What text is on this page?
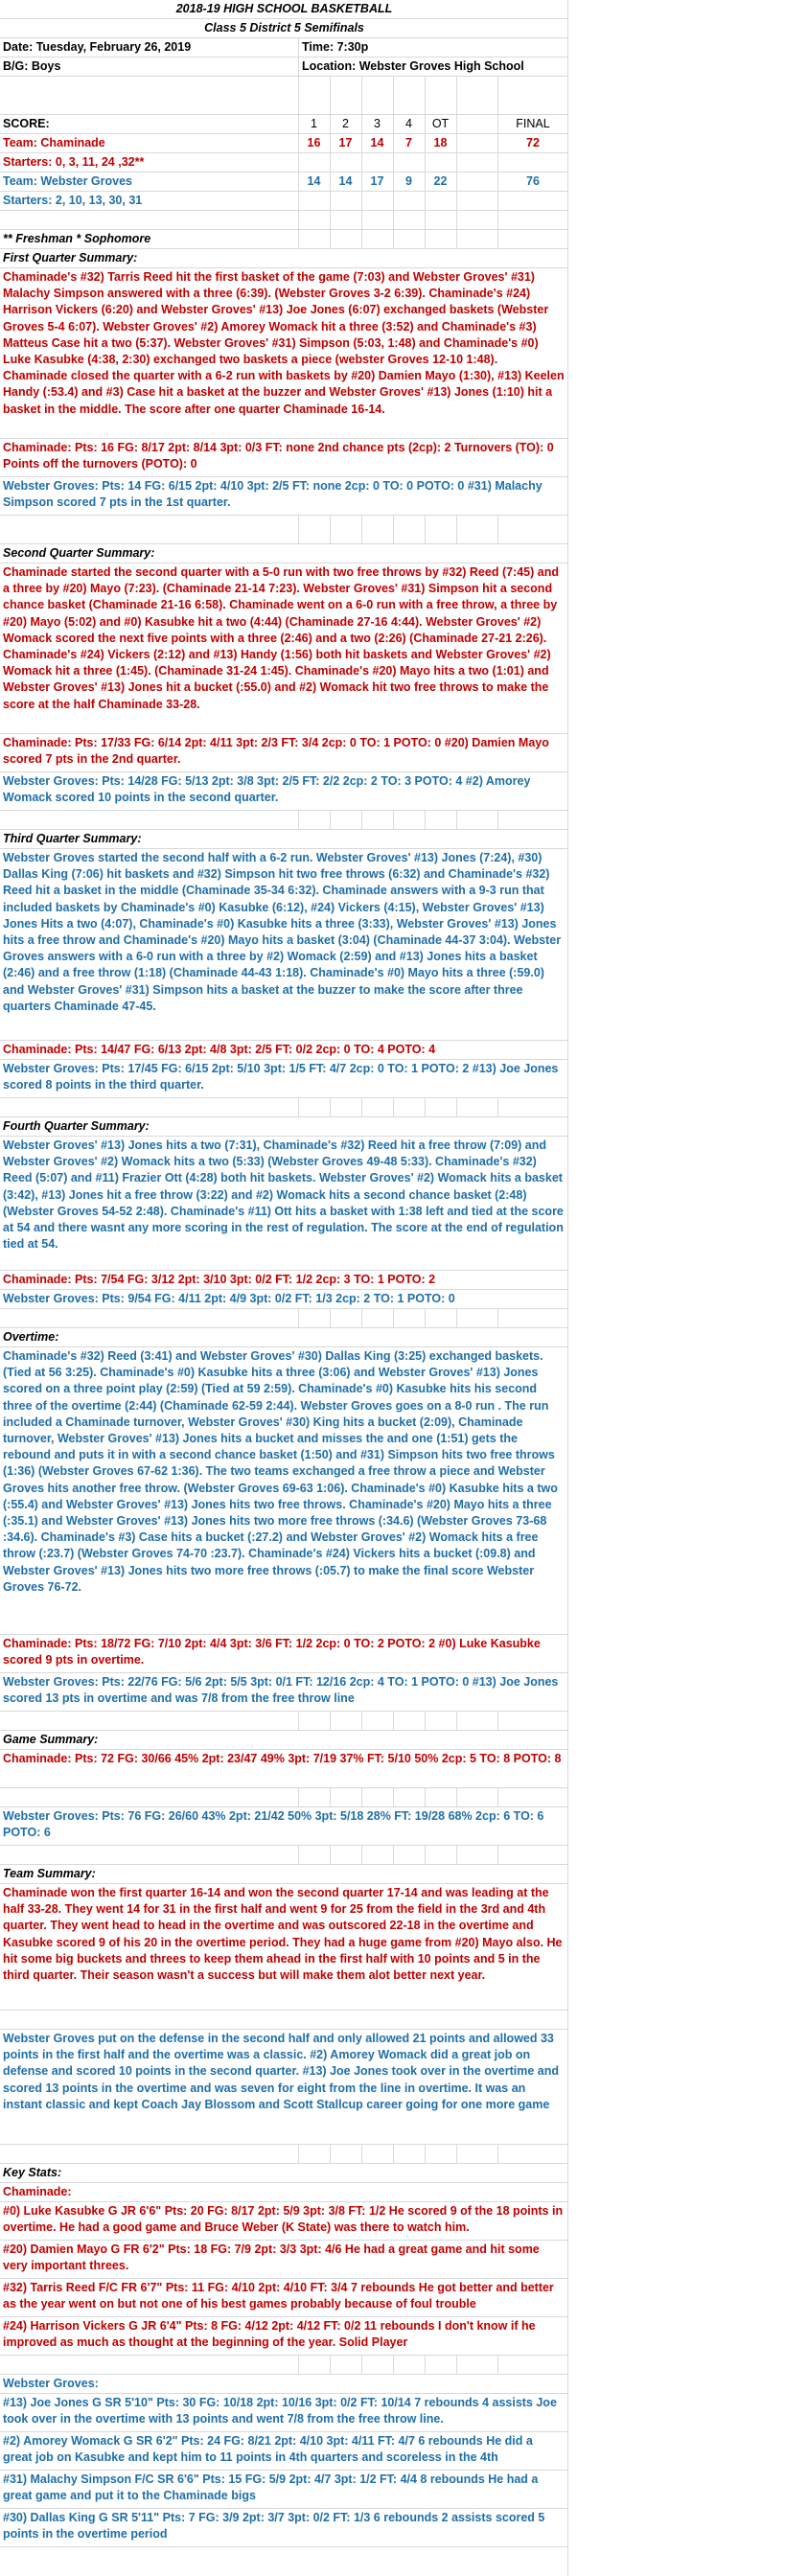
2018-19 HIGH SCHOOL BASKETBALL
Class 5 District 5 Semifinals
Date: Tuesday, February 26, 2019	Time: 7:30p
B/G: Boys	Location: Webster Groves High School
SCORE:	1	2	3	4	OT	FINAL
Team: Chaminade	16	17	14	7	18	72
Starters: 0, 3, 11, 24 ,32**
Team: Webster Groves	14	14	17	9	22	76
Starters: 2, 10, 13, 30, 31
** Freshman * Sophomore
First Quarter Summary:
Chaminade's #32) Tarris Reed hit the first basket of the game (7:03) and Webster Groves' #31) Malachy Simpson answered with a three (6:39). (Webster Groves 3-2 6:39). Chaminade's #24) Harrison Vickers (6:20) and Webster Groves' #13) Joe Jones (6:07) exchanged baskets (Webster Groves 5-4 6:07). Webster Groves' #2) Amorey Womack hit a three (3:52) and Chaminade's #3) Matteus Case hit a two (5:37). Webster Groves' #31) Simpson (5:03, 1:48) and Chaminade's #0) Luke Kasubke (4:38, 2:30) exchanged two baskets a piece (webster Groves 12-10 1:48). Chaminade closed the quarter with a 6-2 run with baskets by #20) Damien Mayo (1:30), #13) Keelen Handy (:53.4) and #3) Case hit a basket at the buzzer and Webster Groves' #13) Jones (1:10) hit a basket in the middle. The score after one quarter Chaminade 16-14.
Chaminade: Pts: 16 FG: 8/17 2pt: 8/14 3pt: 0/3 FT: none 2nd chance pts (2cp): 2 Turnovers (TO): 0 Points off the turnovers (POTO): 0
Webster Groves: Pts: 14 FG: 6/15 2pt: 4/10 3pt: 2/5 FT: none 2cp: 0 TO: 0 POTO: 0 #31) Malachy Simpson scored 7 pts in the 1st quarter.
Second Quarter Summary:
Chaminade started the second quarter with a 5-0 run with two free throws by #32) Reed (7:45) and a three by #20) Mayo (7:23). (Chaminade 21-14 7:23). Webster Groves' #31) Simpson hit a second chance basket (Chaminade 21-16 6:58). Chaminade went on a 6-0 run with a free throw, a three by #20) Mayo (5:02) and #0) Kasubke hit a two (4:44) (Chaminade 27-16 4:44). Webster Groves' #2) Womack scored the next five points with a three (2:46) and a two (2:26) (Chaminade 27-21 2:26). Chaminade's #24) Vickers (2:12) and #13) Handy (1:56) both hit baskets and Webster Groves' #2) Womack hit a three (1:45). (Chaminade 31-24 1:45). Chaminade's #20) Mayo hits a two (1:01) and Webster Groves' #13) Jones hit a bucket (:55.0) and #2) Womack hit two free throws to make the score at the half Chaminade 33-28.
Chaminade: Pts: 17/33 FG: 6/14 2pt: 4/11 3pt: 2/3 FT: 3/4 2cp: 0 TO: 1 POTO: 0 #20) Damien Mayo scored 7 pts in the 2nd quarter.
Webster Groves: Pts: 14/28 FG: 5/13 2pt: 3/8 3pt: 2/5 FT: 2/2 2cp: 2 TO: 3 POTO: 4 #2) Amorey Womack scored 10 points in the second quarter.
Third Quarter Summary:
Webster Groves started the second half with a 6-2 run. Webster Groves' #13) Jones (7:24), #30) Dallas King (7:06) hit baskets and #32) Simpson hit two free throws (6:32) and Chaminade's #32) Reed hit a basket in the middle (Chaminade 35-34 6:32). Chaminade answers with a 9-3 run that included baskets by Chaminade's #0) Kasubke (6:12), #24) Vickers (4:15), Webster Groves' #13) Jones Hits a two (4:07), Chaminade's #0) Kasubke hits a three (3:33), Webster Groves' #13) Jones hits a free throw and Chaminade's #20) Mayo hits a basket (3:04) (Chaminade 44-37 3:04). Webster Groves answers with a 6-0 run with a three by #2) Womack (2:59) and #13) Jones hits a basket (2:46) and a free throw (1:18) (Chaminade 44-43 1:18). Chaminade's #0) Mayo hits a three (:59.0) and Webster Groves' #31) Simpson hits a basket at the buzzer to make the score after three quarters Chaminade 47-45.
Chaminade: Pts: 14/47 FG: 6/13 2pt: 4/8 3pt: 2/5 FT: 0/2 2cp: 0 TO: 4 POTO: 4
Webster Groves: Pts: 17/45 FG: 6/15 2pt: 5/10 3pt: 1/5 FT: 4/7 2cp: 0 TO: 1 POTO: 2 #13) Joe Jones scored 8 points in the third quarter.
Fourth Quarter Summary:
Webster Groves' #13) Jones hits a two (7:31), Chaminade's #32) Reed hit a free throw (7:09) and Webster Groves' #2) Womack hits a two (5:33) (Webster Groves 49-48 5:33). Chaminade's #32) Reed (5:07) and #11) Frazier Ott (4:28) both hit baskets. Webster Groves' #2) Womack hits a basket (3:42), #13) Jones hit a free throw (3:22) and #2) Womack hits a second chance basket (2:48) (Webster Groves 54-52 2:48). Chaminade's #11) Ott hits a basket with 1:38 left and tied at the score at 54 and there wasnt any more scoring in the rest of regulation. The score at the end of regulation tied at 54.
Chaminade: Pts: 7/54 FG: 3/12 2pt: 3/10 3pt: 0/2 FT: 1/2 2cp: 3 TO: 1 POTO: 2
Webster Groves: Pts: 9/54 FG: 4/11 2pt: 4/9 3pt: 0/2 FT: 1/3 2cp: 2 TO: 1 POTO: 0
Overtime:
Chaminade's #32) Reed (3:41) and Webster Groves' #30) Dallas King (3:25) exchanged baskets. (Tied at 56 3:25). Chaminade's #0) Kasubke hits a three (3:06) and Webster Groves' #13) Jones scored on a three point play (2:59) (Tied at 59 2:59). Chaminade's #0) Kasubke hits his second three of the overtime (2:44) (Chaminade 62-59 2:44). Webster Groves goes on a 8-0 run . The run included a Chaminade turnover, Webster Groves' #30) King hits a bucket (2:09), Chaminade turnover, Webster Groves' #13) Jones hits a bucket and misses the and one (1:51) gets the rebound and puts it in with a second chance basket (1:50) and #31) Simpson hits two free throws (1:36) (Webster Groves 67-62 1:36). The two teams exchanged a free throw a piece and Webster Groves hits another free throw. (Webster Groves 69-63 1:06). Chaminade's #0) Kasubke hits a two (:55.4) and Webster Groves' #13) Jones hits two free throws. Chaminade's #20) Mayo hits a three (:35.1) and Webster Groves' #13) Jones hits two more free throws (:34.6) (Webster Groves 73-68 :34.6). Chaminade's #3) Case hits a bucket (:27.2) and Webster Groves' #2) Womack hits a free throw (:23.7) (Webster Groves 74-70 :23.7). Chaminade's #24) Vickers hits a bucket (:09.8) and Webster Groves' #13) Jones hits two more free throws (:05.7) to make the final score Webster Groves 76-72.
Chaminade: Pts: 18/72 FG: 7/10 2pt: 4/4 3pt: 3/6 FT: 1/2 2cp: 0 TO: 2 POTO: 2 #0) Luke Kasubke scored 9 pts in overtime.
Webster Groves: Pts: 22/76 FG: 5/6 2pt: 5/5 3pt: 0/1 FT: 12/16 2cp: 4 TO: 1 POTO: 0 #13) Joe Jones scored 13 pts in overtime and was 7/8 from the free throw line
Game Summary:
Chaminade: Pts: 72 FG: 30/66 45% 2pt: 23/47 49% 3pt: 7/19 37% FT: 5/10 50% 2cp: 5 TO: 8 POTO: 8
Webster Groves: Pts: 76 FG: 26/60 43% 2pt: 21/42 50% 3pt: 5/18 28% FT: 19/28 68% 2cp: 6 TO: 6 POTO: 6
Team Summary:
Chaminade won the first quarter 16-14 and won the second quarter 17-14 and was leading at the half 33-28. They went 14 for 31 in the first half and went 9 for 25 from the field in the 3rd and 4th quarter. They went head to head in the overtime and was outscored 22-18 in the overtime and Kasubke scored 9 of his 20 in the overtime period. They had a huge game from #20) Mayo also. He hit some big buckets and threes to keep them ahead in the first half with 10 points and 5 in the third quarter. Their season wasn't a success but will make them alot better next year.
Webster Groves put on the defense in the second half and only allowed 21 points and allowed 33 points in the first half and the overtime was a classic. #2) Amorey Womack did a great job on defense and scored 10 points in the second quarter. #13) Joe Jones took over in the overtime and scored 13 points in the overtime and was seven for eight from the line in overtime. It was an instant classic and kept Coach Jay Blossom and Scott Stallcup career going for one more game
Key Stats:
Chaminade:
#0) Luke Kasubke G JR 6'6" Pts: 20 FG: 8/17 2pt: 5/9 3pt: 3/8 FT: 1/2 He scored 9 of the 18 points in overtime. He had a good game and Bruce Weber (K State) was there to watch him.
#20) Damien Mayo G FR 6'2" Pts: 18 FG: 7/9 2pt: 3/3 3pt: 4/6 He had a great game and hit some very important threes.
#32) Tarris Reed F/C FR 6'7" Pts: 11 FG: 4/10 2pt: 4/10 FT: 3/4 7 rebounds He got better and better as the year went on but not one of his best games probably because of foul trouble
#24) Harrison Vickers G JR 6'4" Pts: 8 FG: 4/12 2pt: 4/12 FT: 0/2 11 rebounds I don't know if he improved as much as thought at the beginning of the year. Solid Player
Webster Groves:
#13) Joe Jones G SR 5'10" Pts: 30 FG: 10/18 2pt: 10/16 3pt: 0/2 FT: 10/14 7 rebounds 4 assists Joe took over in the overtime with 13 points and went 7/8 from the free throw line.
#2) Amorey Womack G SR 6'2" Pts: 24 FG: 8/21 2pt: 4/10 3pt: 4/11 FT: 4/7 6 rebounds He did a great job on Kasubke and kept him to 11 points in 4th quarters and scoreless in the 4th
#31) Malachy Simpson F/C SR 6'6" Pts: 15 FG: 5/9 2pt: 4/7 3pt: 1/2 FT: 4/4 8 rebounds He had a great game and put it to the Chaminade bigs
#30) Dallas King G SR 5'11" Pts: 7 FG: 3/9 2pt: 3/7 3pt: 0/2 FT: 1/3 6 rebounds 2 assists scored 5 points in the overtime period
